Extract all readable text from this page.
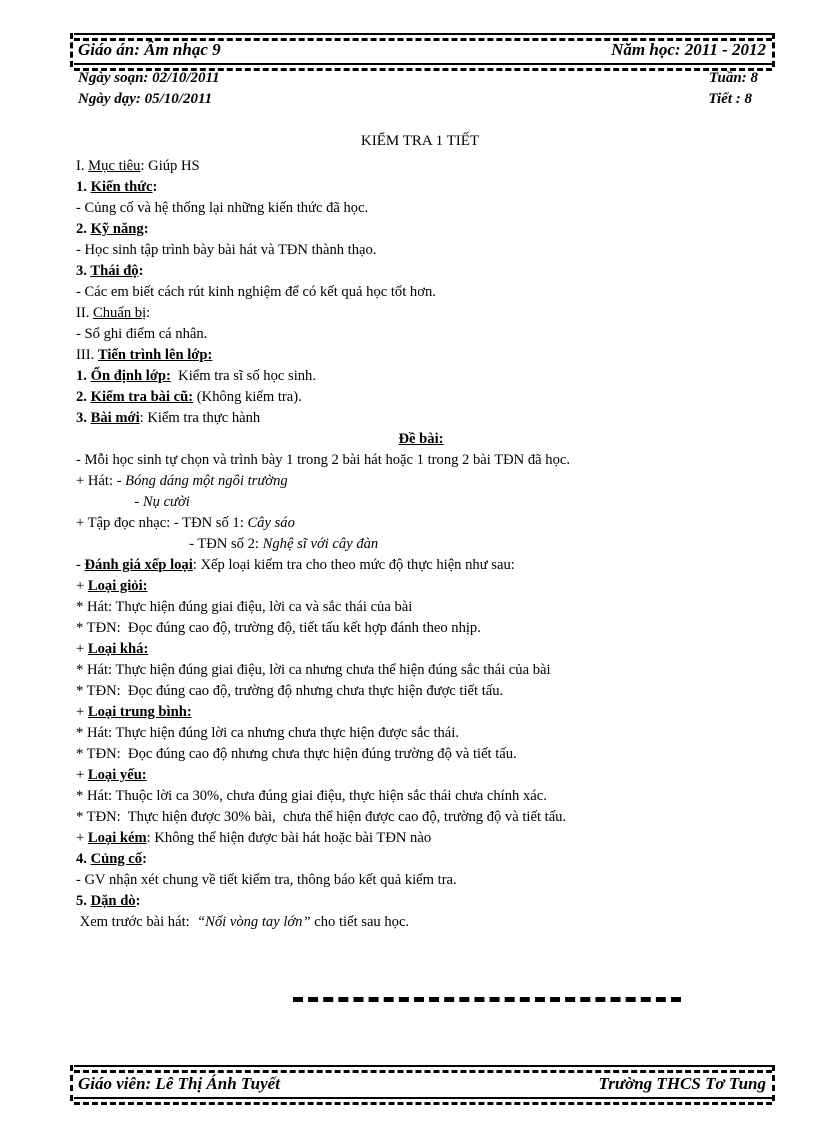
Giáo án: Âm nhạc 9	Năm học: 2011 - 2012
Ngày soạn: 02/10/2011
Ngày dạy: 05/10/2011
Tuần: 8
Tiết : 8
KIỂM TRA 1 TIẾT
I. Mục tiêu: Giúp HS
1. Kiến thức:
- Củng cố và hệ thống lại những kiến thức đã học.
2. Kỹ năng:
- Học sinh tập trình bày bài hát và TĐN thành thạo.
3. Thái độ:
- Các em biết cách rút kinh nghiệm để có kết quả học tốt hơn.
II. Chuẩn bị:
- Sổ ghi điểm cá nhân.
III. Tiến trình lên lớp:
1. Ổn định lớp:  Kiểm tra sĩ số học sinh.
2. Kiểm tra bài cũ: (Không kiểm tra).
3. Bài mới: Kiểm tra thực hành
Đề bài:
- Mỗi học sinh tự chọn và trình bày 1 trong 2 bài hát hoặc 1 trong 2 bài TĐN đã học.
+ Hát: - Bóng dáng một ngôi trường
- Nụ cười
+ Tập đọc nhạc: - TĐN số 1: Cây sáo
- TĐN số 2: Nghệ sĩ với cây đàn
- Đánh giá xếp loại: Xếp loại kiểm tra cho theo mức độ thực hiện như sau:
+ Loại giỏi:
* Hát: Thực hiện đúng giai điệu, lời ca và sắc thái của bài
* TĐN:  Đọc đúng cao độ, trường độ, tiết tấu kết hợp đánh theo nhịp.
+ Loại khá:
* Hát: Thực hiện đúng giai điệu, lời ca nhưng chưa thể hiện đúng sắc thái của bài
* TĐN:  Đọc đúng cao độ, trường độ nhưng chưa thực hiện được tiết tấu.
+ Loại trung bình:
* Hát: Thực hiện đúng lời ca nhưng chưa thực hiện được sắc thái.
* TĐN:  Đọc đúng cao độ nhưng chưa thực hiện đúng trường độ và tiết tấu.
+ Loại yếu:
* Hát: Thuộc lời ca 30%, chưa đúng giai điệu, thực hiện sắc thái chưa chính xác.
* TĐN:  Thực hiện được 30% bài,  chưa thể hiện được cao độ, trường độ và tiết tấu.
+ Loại kém: Không thể hiện được bài hát hoặc bài TĐN nào
4. Củng cố:
- GV nhận xét chung về tiết kiểm tra, thông báo kết quả kiểm tra.
5. Dặn dò:
Xem trước bài hát:  “Nối vòng tay lớn” cho tiết sau học.
Giáo viên: Lê Thị Ánh Tuyết	Trường THCS Tơ Tung
